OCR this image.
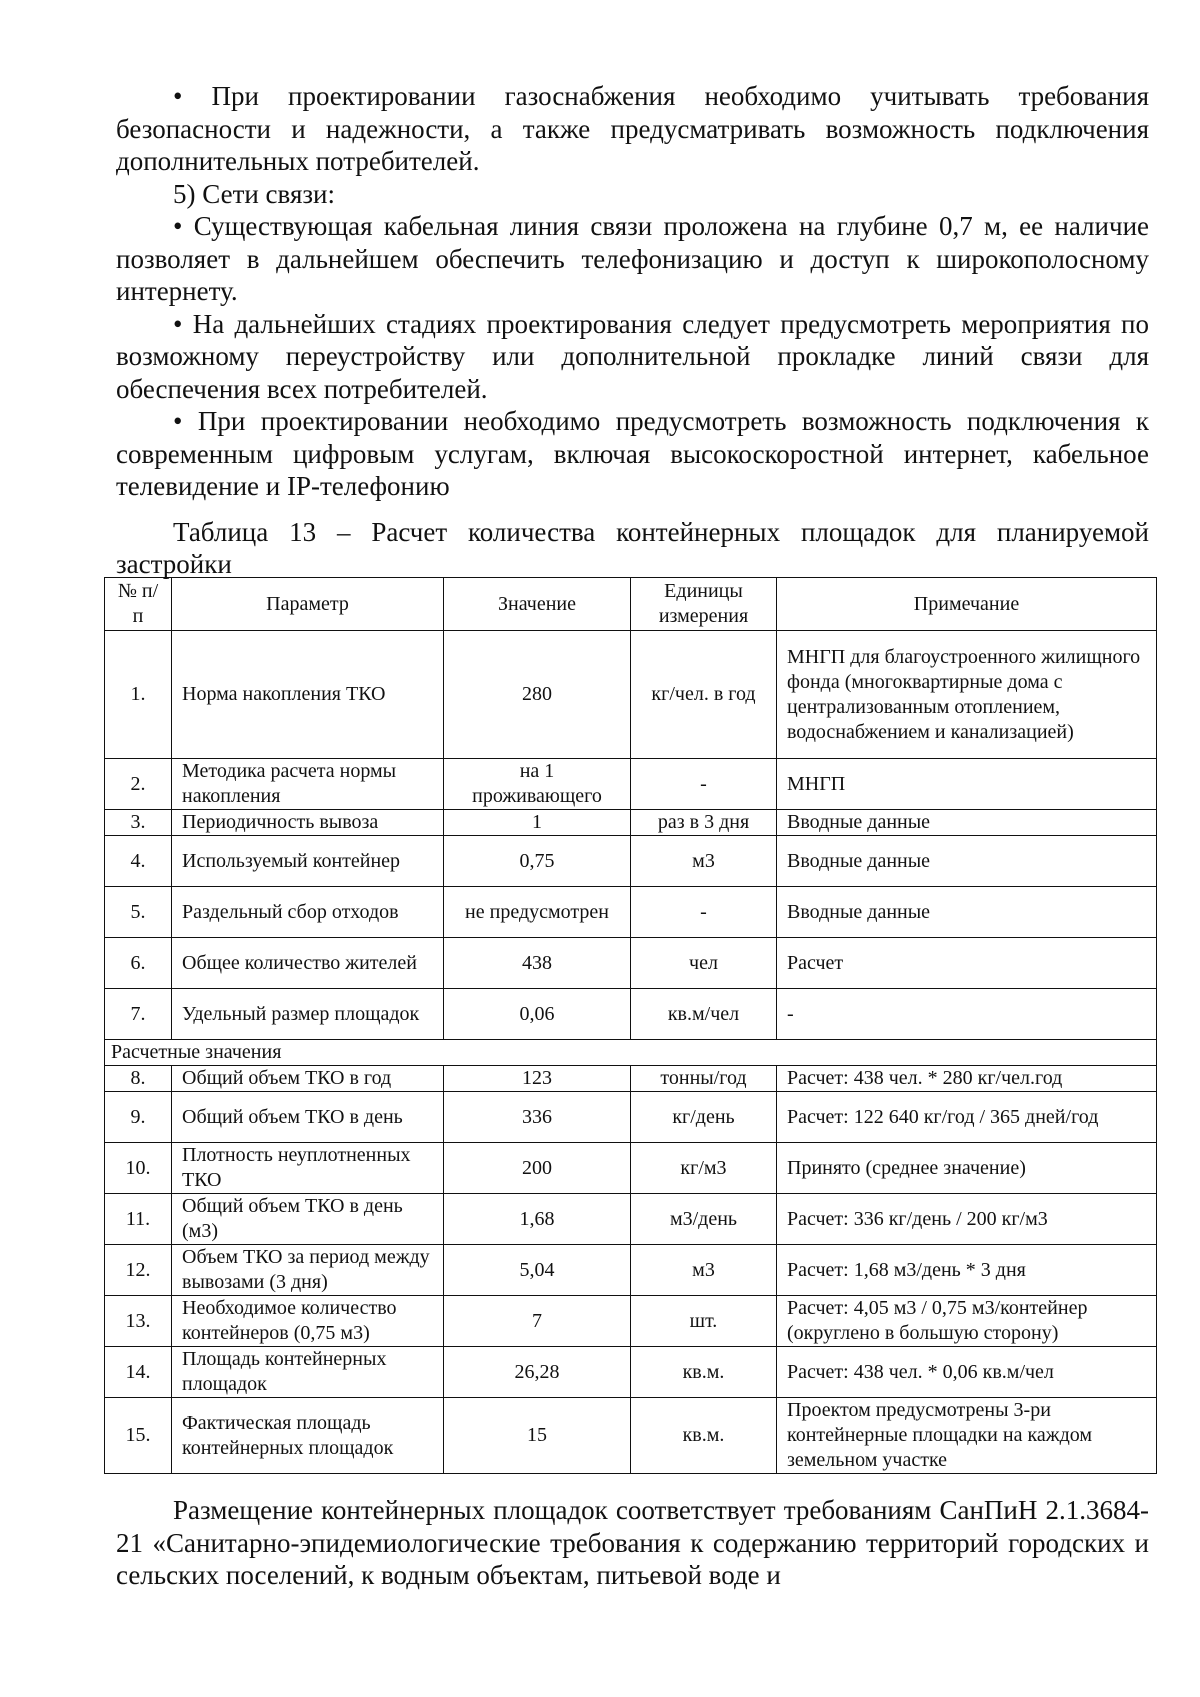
• При проектировании газоснабжения необходимо учитывать требования безопасности и надежности, а также предусматривать возможность подключения дополнительных потребителей.

5) Сети связи:

• Существующая кабельная линия связи проложена на глубине 0,7 м, ее наличие позволяет в дальнейшем обеспечить телефонизацию и доступ к широкополосному интернету.

• На дальнейших стадиях проектирования следует предусмотреть мероприятия по возможному переустройству или дополнительной прокладке линий связи для обеспечения всех потребителей.

• При проектировании необходимо предусмотреть возможность подключения к современным цифровым услугам, включая высокоскоростной интернет, кабельное телевидение и IP-телефонию

Таблица 13 – Расчет количества контейнерных площадок для планируемой застройки

№ п/п	Параметр	Значение	Единицы измерения	Примечание
1.	Норма накопления ТКО	280	кг/чел. в год	МНГП для благоустроенного жилищного фонда (многоквартирные дома с централизованным отоплением, водоснабжением и канализацией)
2.	Методика расчета нормы накопления	на 1 проживающего	-	МНГП
3.	Периодичность вывоза	1	раз в 3 дня	Вводные данные
4.	Используемый контейнер	0,75	м3	Вводные данные
5.	Раздельный сбор отходов	не предусмотрен	-	Вводные данные
6.	Общее количество жителей	438	чел	Расчет
7.	Удельный размер площадок	0,06	кв.м/чел	-
Расчетные значения				
8.	Общий объем ТКО в год	123	тонны/год	Расчет: 438 чел. * 280 кг/чел.год
9.	Общий объем ТКО в день	336	кг/день	Расчет: 122 640 кг/год / 365 дней/год
10.	Плотность неуплотненных ТКО	200	кг/м3	Принято (среднее значение)
11.	Общий объем ТКО в день (м3)	1,68	м3/день	Расчет: 336 кг/день / 200 кг/м3
12.	Объем ТКО за период между вывозами (3 дня)	5,04	м3	Расчет: 1,68 м3/день * 3 дня
13.	Необходимое количество контейнеров (0,75 м3)	7	шт.	Расчет: 4,05 м3 / 0,75 м3/контейнер (округлено в большую сторону)
14.	Площадь контейнерных площадок	26,28	кв.м.	Расчет: 438 чел. * 0,06 кв.м/чел
15.	Фактическая площадь контейнерных площадок	15	кв.м.	Проектом предусмотрены 3-ри контейнерные площадки на каждом земельном участке

Размещение контейнерных площадок соответствует требованиям СанПиН 2.1.3684-21 «Санитарно-эпидемиологические требования к содержанию территорий городских и сельских поселений, к водным объектам, питьевой воде и
